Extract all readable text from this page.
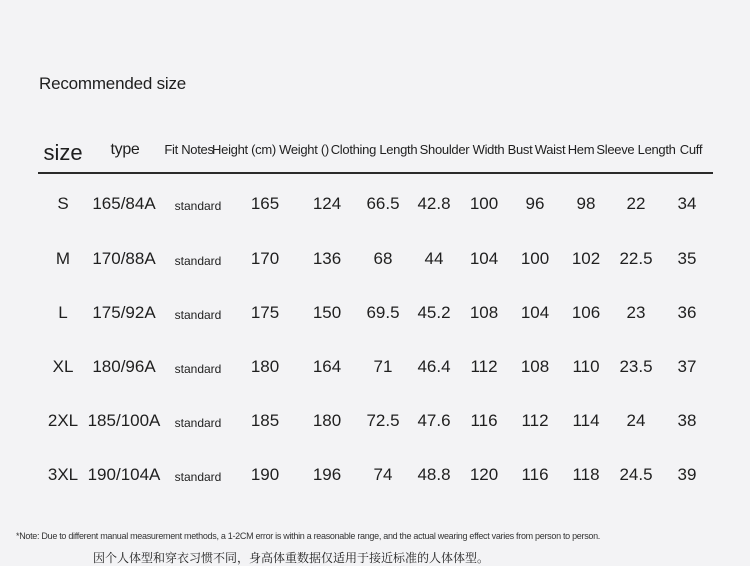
Recommended size
size type Fit Notes
Height (cm) Weight () Clothing Length Shoulder Width Bust Waist Hem Sleeve Length Cuff
S 165/84A standard 165 124 66.5 42.8 100 96 98 22 34
M 170/88A standard 170 136 68 44 104 100 102 22.5 35
L 175/92A standard 175 150 69.5 45.2 108 104 106 23 36
XL 180/96A standard 180 164 71 46.4 112 108 110 23.5 37
2XL 185/100A standard 185 180 72.5 47.6 116 112 114 24 38
3XL 190/104A standard 190 196 74 48.8 120 116 118 24.5 39
*Note: Due to different manual measurement methods, a 1-2CM error is within a reasonable range, and the actual wearing effect varies from person to person.
因个人体型和穿衣习惯不同，身高体重数据仅适用于接近标准的人体体型。
